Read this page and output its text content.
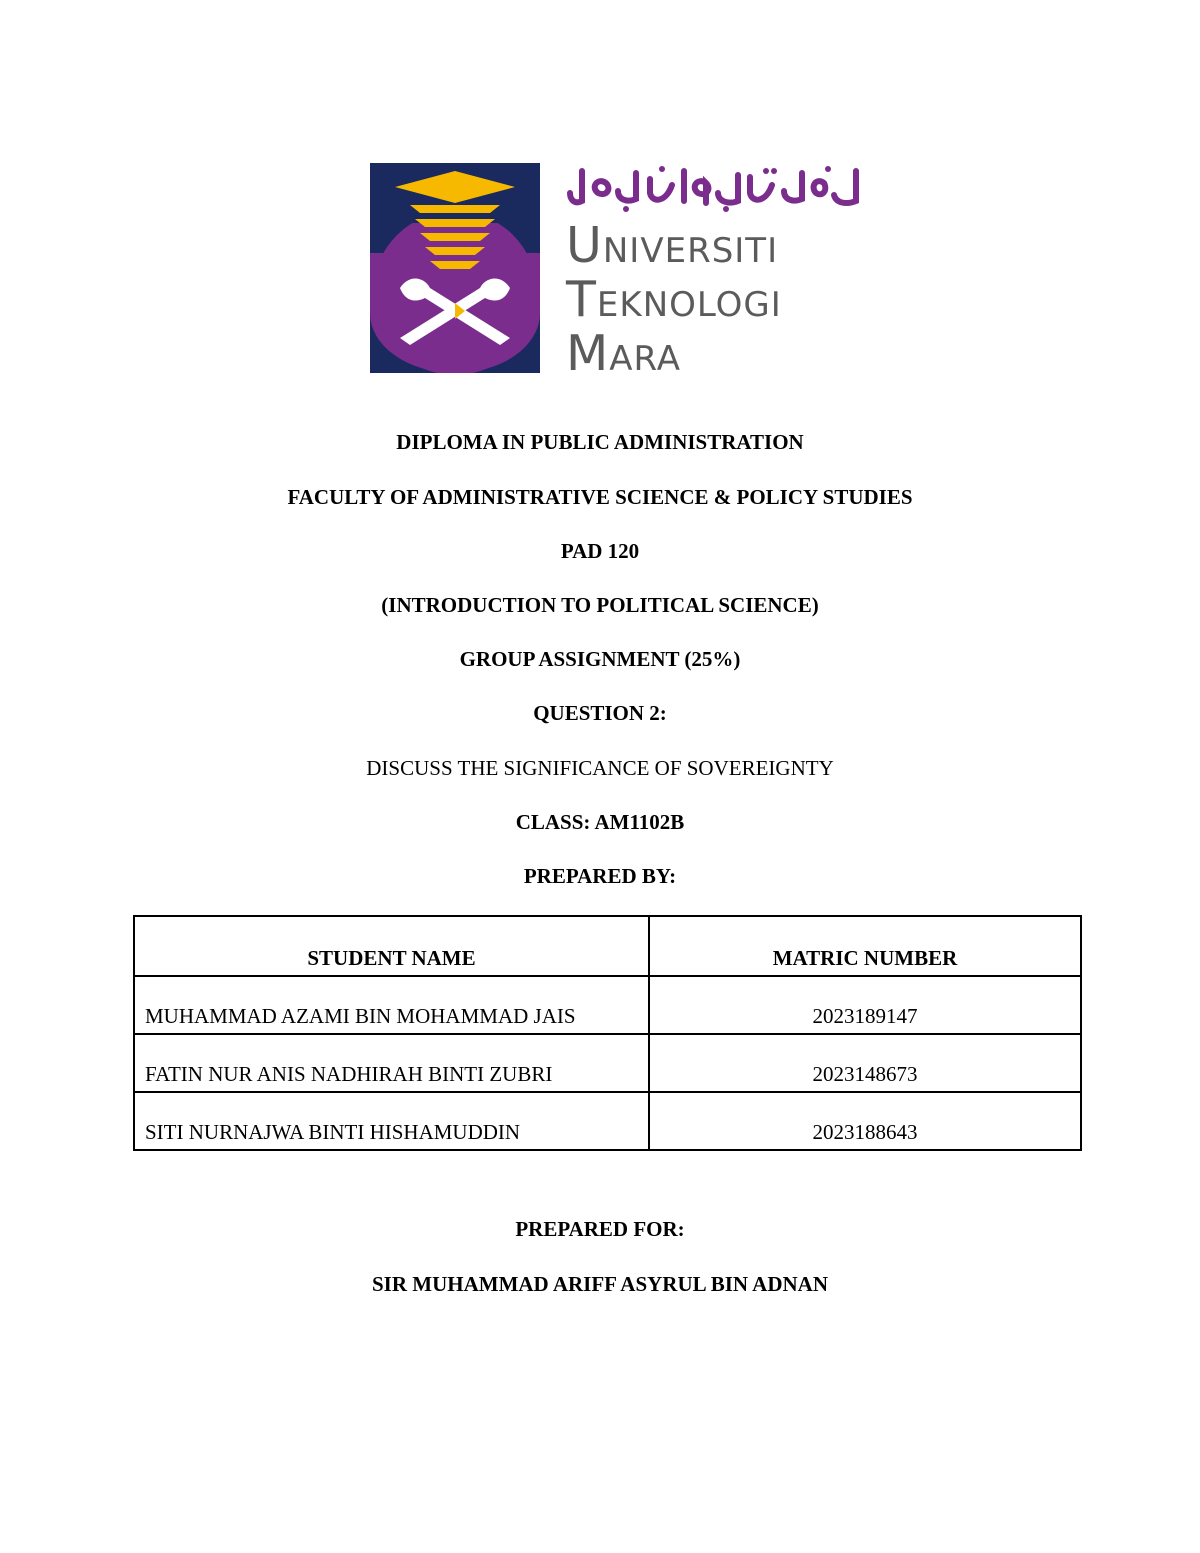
Universiti

Teknologi

Mara

DIPLOMA IN PUBLIC ADMINISTRATION

FACULTY OF ADMINISTRATIVE SCIENCE & POLICY STUDIES

PAD 120

(INTRODUCTION TO POLITICAL SCIENCE)

GROUP ASSIGNMENT (25%)

QUESTION 2:

DISCUSS THE SIGNIFICANCE OF SOVEREIGNTY

CLASS: AM1102B

PREPARED BY:

STUDENT NAME	MATRIC NUMBER
MUHAMMAD AZAMI BIN MOHAMMAD JAIS	2023189147
FATIN NUR ANIS NADHIRAH BINTI ZUBRI	2023148673
SITI NURNAJWA BINTI HISHAMUDDIN	2023188643

PREPARED FOR:

SIR MUHAMMAD ARIFF ASYRUL BIN ADNAN
